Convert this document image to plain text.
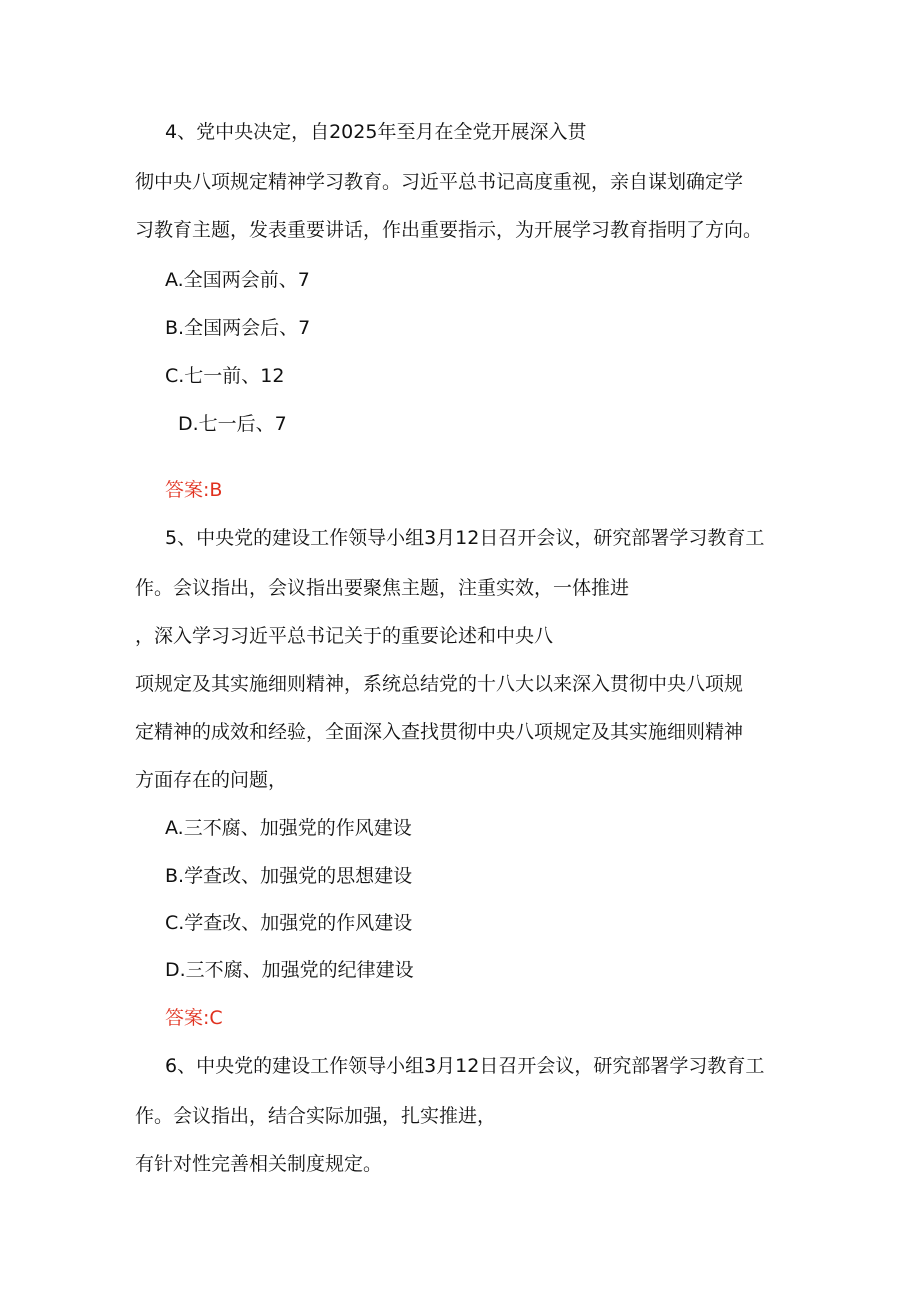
4、党中央决定，自2025年至月在全党开展深入贯
彻中央八项规定精神学习教育。习近平总书记高度重视，亲自谋划确定学
习教育主题，发表重要讲话，作出重要指示，为开展学习教育指明了方向。
A.全国两会前、7
B.全国两会后、7
C.七一前、12
D.七一后、7
答案:B
5、中央党的建设工作领导小组3月12日召开会议，研究部署学习教育工
作。会议指出，会议指出要聚焦主题，注重实效，一体推进
，深入学习习近平总书记关于的重要论述和中央八
项规定及其实施细则精神，系统总结党的十八大以来深入贯彻中央八项规
定精神的成效和经验，全面深入查找贯彻中央八项规定及其实施细则精神
方面存在的问题，
A.三不腐、加强党的作风建设
B.学查改、加强党的思想建设
C.学查改、加强党的作风建设
D.三不腐、加强党的纪律建设
答案:C
6、中央党的建设工作领导小组3月12日召开会议，研究部署学习教育工
作。会议指出，结合实际加强，扎实推进，
有针对性完善相关制度规定。
